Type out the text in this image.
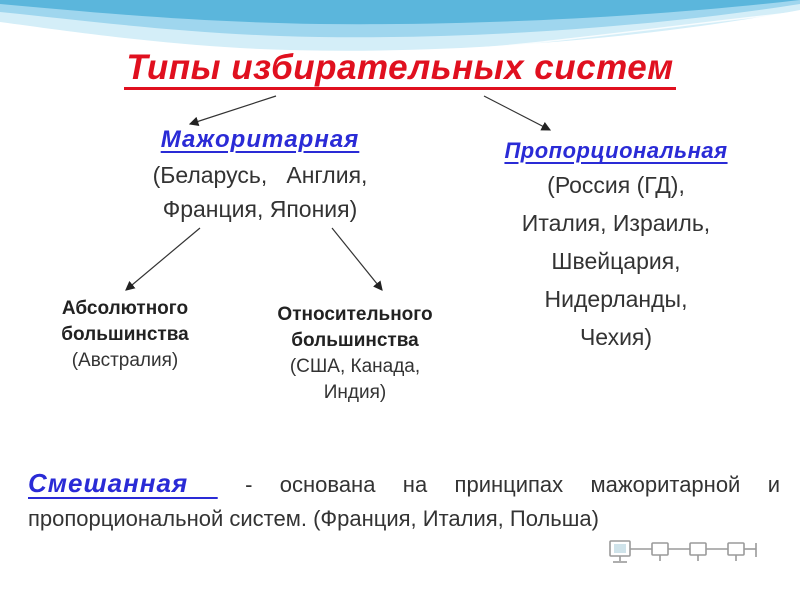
Типы избирательных систем
Мажоритарная
(Беларусь,   Англия,
Франция, Япония)
Пропорциональная
(Россия (ГД),
Италия, Израиль,
Швейцария,
Нидерланды,
Чехия)
Абсолютного
большинства
(Австралия)
Относительного
большинства
(США, Канада,
Индия)
Смешанная  - основана на принципах мажоритарной и пропорциональной систем. (Франция, Италия, Польша)
